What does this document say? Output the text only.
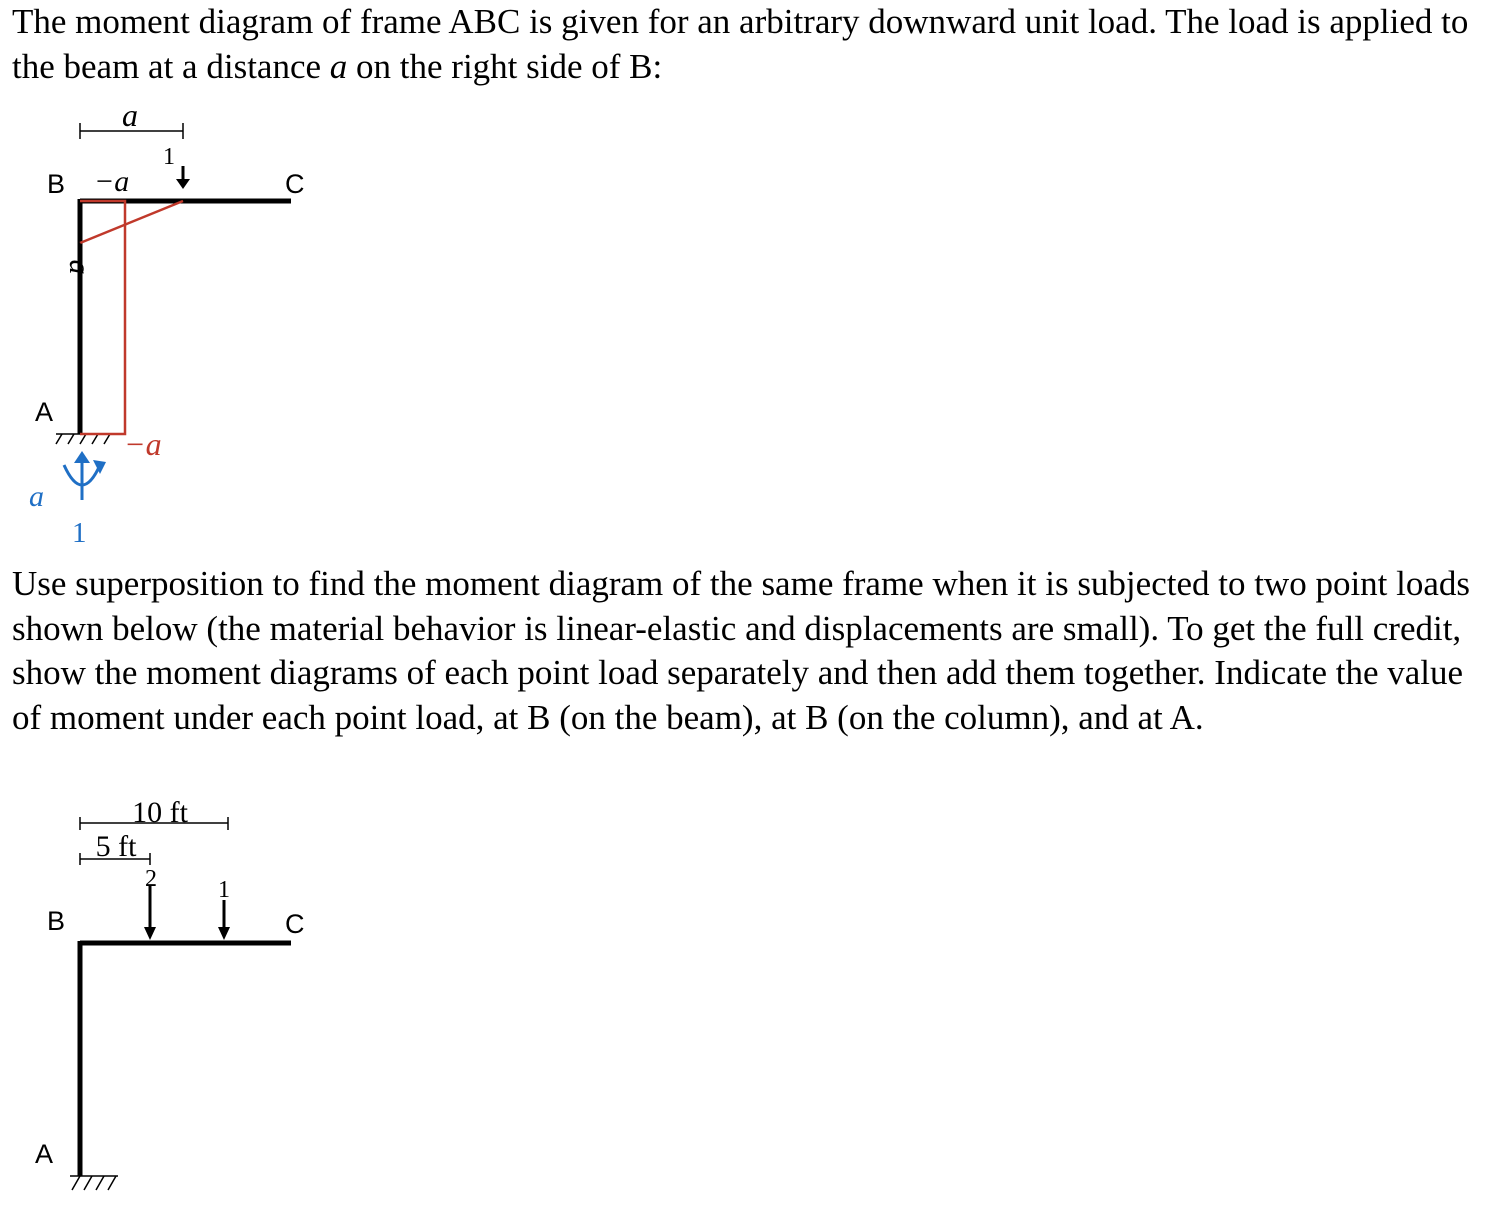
The moment diagram of frame ABC is given for an arbitrary downward unit load. The load is applied to the beam at a distance a on the right side of B:

a
B	C
A
−a
1
−a
−a
a
1

Use superposition to find the moment diagram of the same frame when it is subjected to two point loads shown below (the material behavior is linear-elastic and displacements are small). To get the full credit, show the moment diagrams of each point load separately and then add them together. Indicate the value of moment under each point load, at B (on the beam), at B (on the column), and at A.

10 ft
5 ft
2	1
B	C
A
